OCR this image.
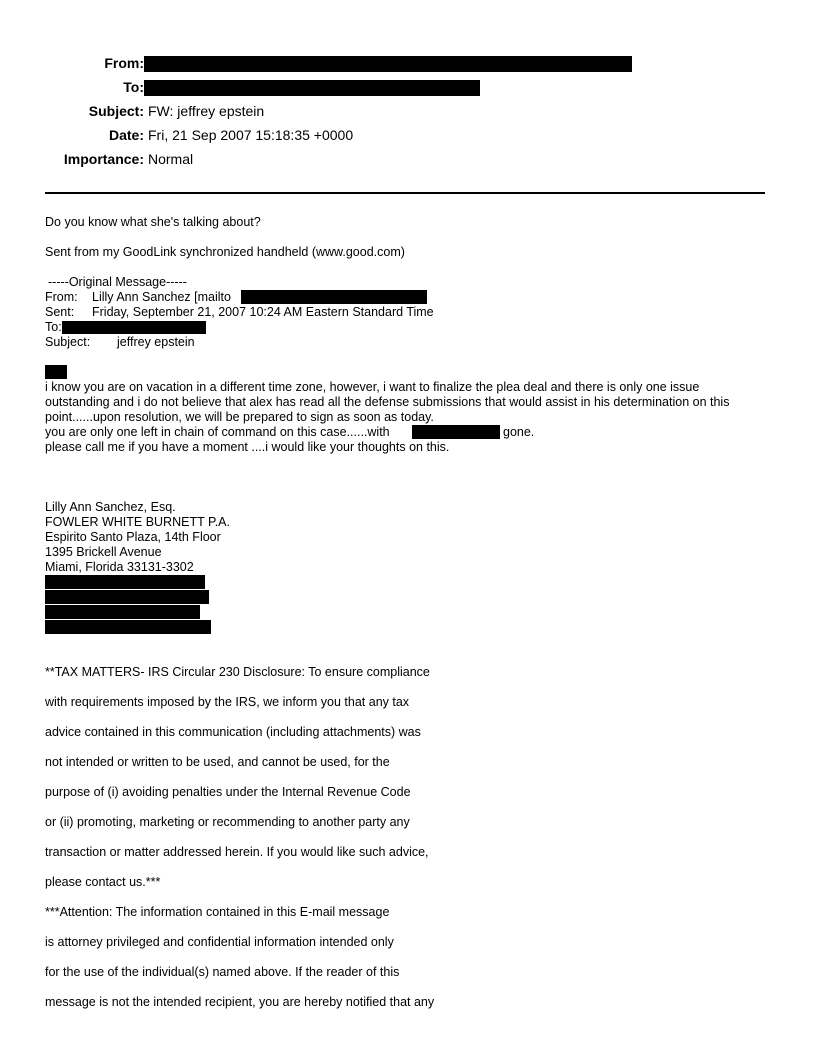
From:
To:
Subject: FW: jeffrey epstein
Date: Fri, 21 Sep 2007 15:18:35 +0000
Importance: Normal
Do you know what she's talking about?
Sent from my GoodLink synchronized handheld (www.good.com)
-----Original Message-----
From: Lilly Ann Sanchez [mailto
Sent: Friday, September 21, 2007 10:24 AM Eastern Standard Time
To:
Subject: jeffrey epstein
i know you are on vacation in a different time zone, however, i want to finalize the plea deal and there is only one issue outstanding and i do not believe that alex has read all the defense submissions that would assist in his determination on this point......upon resolution, we will be prepared to sign as soon as today.
you are only one left in chain of command on this case......with	gone.
please call me if you have a moment ....i would like your thoughts on this.
Lilly Ann Sanchez, Esq.
FOWLER WHITE BURNETT P.A.
Espirito Santo Plaza, 14th Floor
1395 Brickell Avenue
Miami, Florida 33131-3302
**TAX MATTERS- IRS Circular 230 Disclosure: To ensure compliance
with requirements imposed by the IRS, we inform you that any tax
advice contained in this communication (including attachments) was
not intended or written to be used, and cannot be used, for the
purpose of (i) avoiding penalties under the Internal Revenue Code
or (ii) promoting, marketing or recommending to another party any
transaction or matter addressed herein. If you would like such advice,
please contact us.***
***Attention: The information contained in this E-mail message
is attorney privileged and confidential information intended only
for the use of the individual(s) named above. If the reader of this
message is not the intended recipient, you are hereby notified that any
